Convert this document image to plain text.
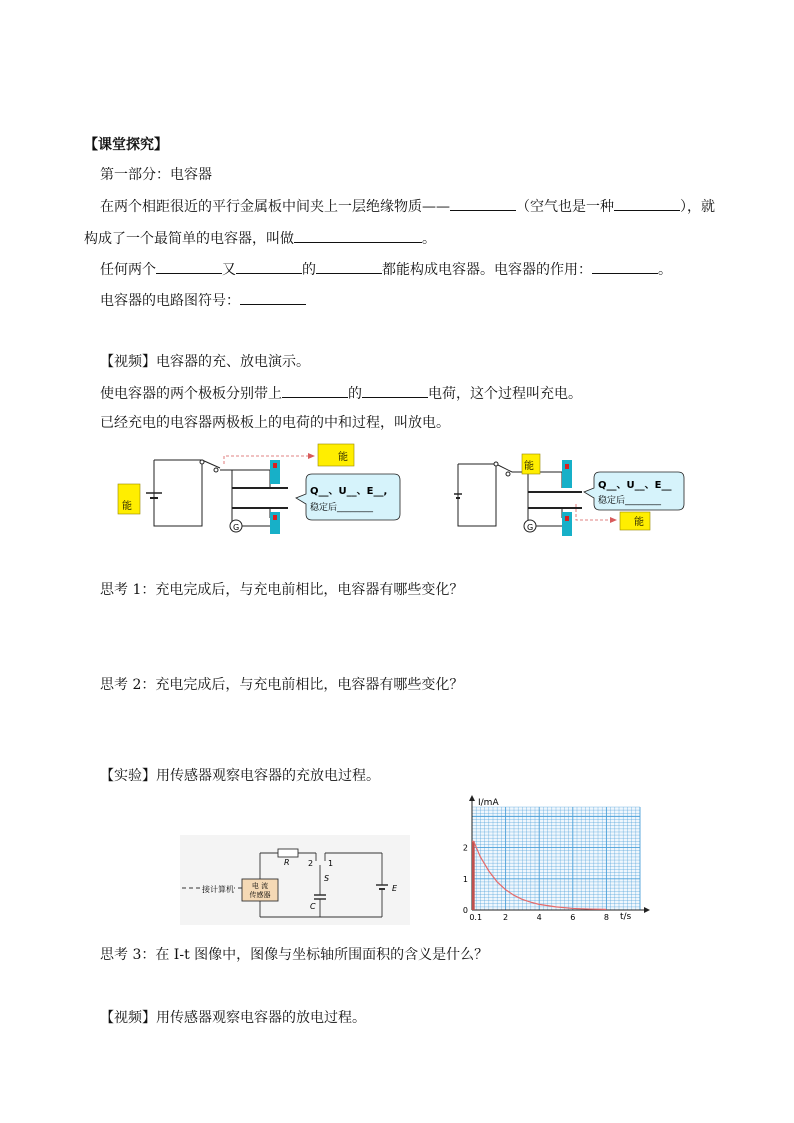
【课堂探究】
第一部分：电容器
在两个相距很近的平行金属板中间夹上一层绝缘物质——	（空气也是一种	），就
构成了一个最简单的电容器，叫做	。
任何两个	又	的	都能构成电容器。电容器的作用：	。
电容器的电路图符号：
【视频】电容器的充、放电演示。
使电容器的两个极板分别带上	的	电荷，这个过程叫充电。
已经充电的电容器两极板上的电荷的中和过程，叫放电。
能
能
G
Q__、U__、E__,
稳定后________
G
能
Q__、U__、E__
稳定后________
能
思考 1：充电完成后，与充电前相比，电容器有哪些变化？
思考 2：充电完成后，与充电前相比，电容器有哪些变化？
【实验】用传感器观察电容器的充放电过程。
电 流
传感器
接计算机
R 2 1
S
C
E
0.1	2	4	6	8
0
1
2
I/mA
t/s
思考 3：在 I-t 图像中，图像与坐标轴所围面积的含义是什么？
【视频】用传感器观察电容器的放电过程。
